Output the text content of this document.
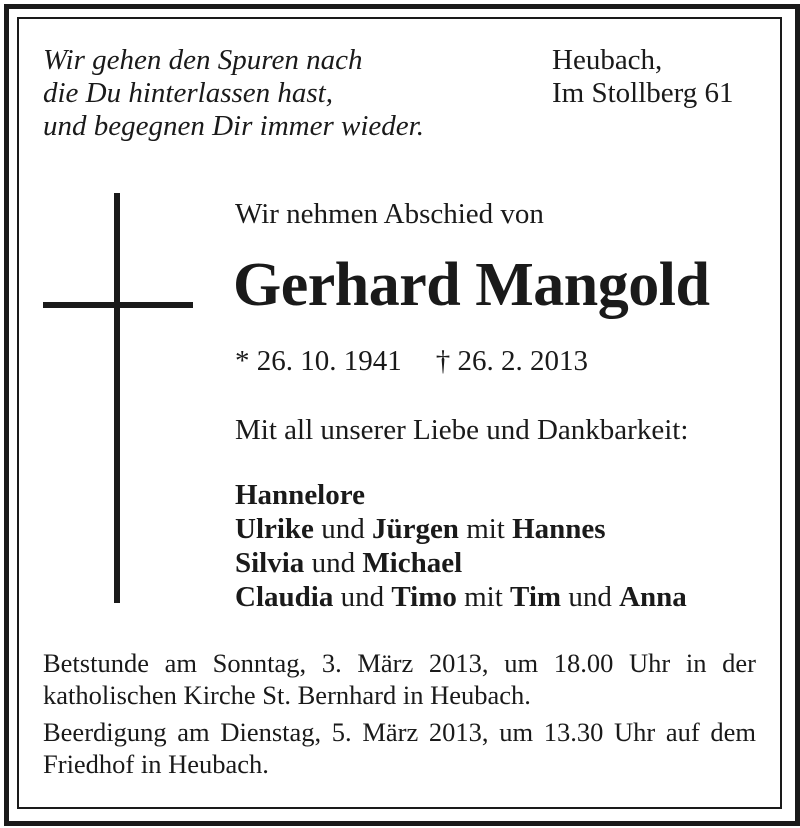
Wir gehen den Spuren nach
die Du hinterlassen hast,
und begegnen Dir immer wieder.
Heubach,
Im Stollberg 61
Wir nehmen Abschied von
Gerhard Mangold
* 26. 10. 1941 † 26. 2. 2013
Mit all unserer Liebe und Dankbarkeit:
Hannelore
Ulrike und Jürgen mit Hannes
Silvia und Michael
Claudia und Timo mit Tim und Anna

Betstunde am Sonntag, 3. März 2013, um 18.00 Uhr in der katholischen Kirche St. Bernhard in Heubach.

Beerdigung am Dienstag, 5. März 2013, um 13.30 Uhr auf dem Friedhof in Heubach.
